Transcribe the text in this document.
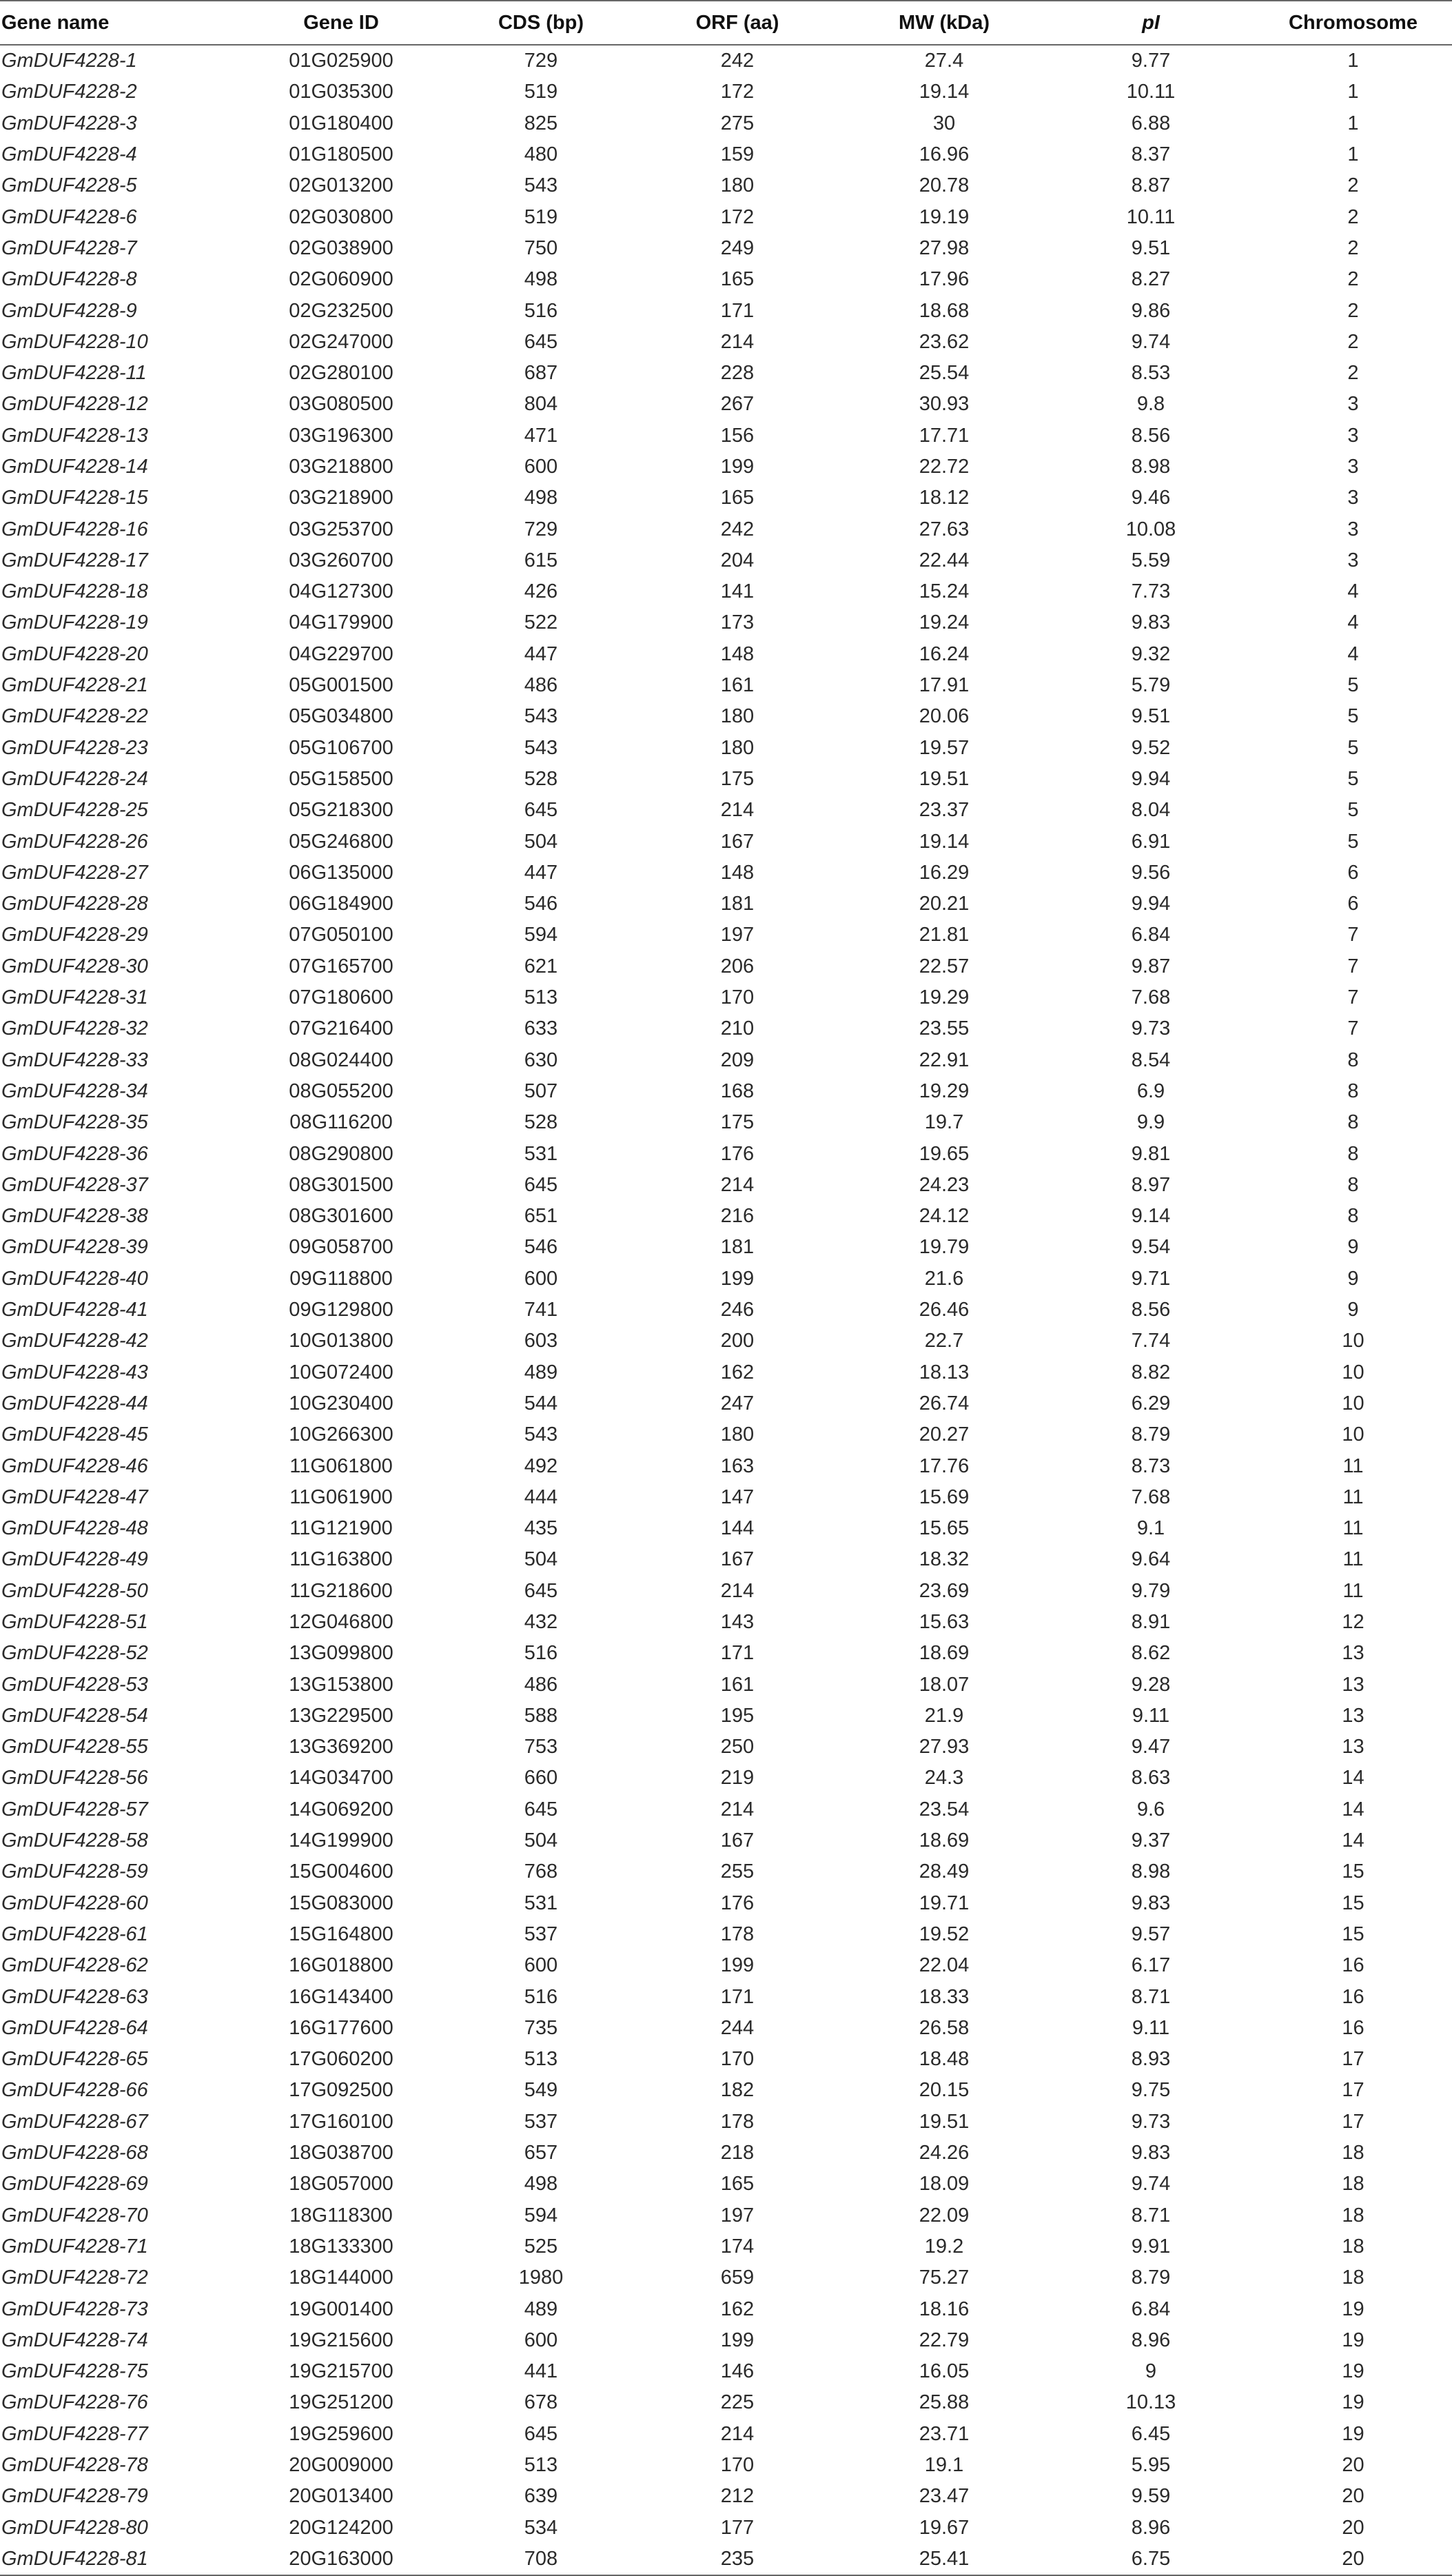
Gene name	Gene ID	CDS (bp)	ORF (aa)	MW (kDa)	pI	Chromosome
GmDUF4228-1	01G025900	729	242	27.4	9.77	1
GmDUF4228-2	01G035300	519	172	19.14	10.11	1
GmDUF4228-3	01G180400	825	275	30	6.88	1
GmDUF4228-4	01G180500	480	159	16.96	8.37	1
GmDUF4228-5	02G013200	543	180	20.78	8.87	2
GmDUF4228-6	02G030800	519	172	19.19	10.11	2
GmDUF4228-7	02G038900	750	249	27.98	9.51	2
GmDUF4228-8	02G060900	498	165	17.96	8.27	2
GmDUF4228-9	02G232500	516	171	18.68	9.86	2
GmDUF4228-10	02G247000	645	214	23.62	9.74	2
GmDUF4228-11	02G280100	687	228	25.54	8.53	2
GmDUF4228-12	03G080500	804	267	30.93	9.8	3
GmDUF4228-13	03G196300	471	156	17.71	8.56	3
GmDUF4228-14	03G218800	600	199	22.72	8.98	3
GmDUF4228-15	03G218900	498	165	18.12	9.46	3
GmDUF4228-16	03G253700	729	242	27.63	10.08	3
GmDUF4228-17	03G260700	615	204	22.44	5.59	3
GmDUF4228-18	04G127300	426	141	15.24	7.73	4
GmDUF4228-19	04G179900	522	173	19.24	9.83	4
GmDUF4228-20	04G229700	447	148	16.24	9.32	4
GmDUF4228-21	05G001500	486	161	17.91	5.79	5
GmDUF4228-22	05G034800	543	180	20.06	9.51	5
GmDUF4228-23	05G106700	543	180	19.57	9.52	5
GmDUF4228-24	05G158500	528	175	19.51	9.94	5
GmDUF4228-25	05G218300	645	214	23.37	8.04	5
GmDUF4228-26	05G246800	504	167	19.14	6.91	5
GmDUF4228-27	06G135000	447	148	16.29	9.56	6
GmDUF4228-28	06G184900	546	181	20.21	9.94	6
GmDUF4228-29	07G050100	594	197	21.81	6.84	7
GmDUF4228-30	07G165700	621	206	22.57	9.87	7
GmDUF4228-31	07G180600	513	170	19.29	7.68	7
GmDUF4228-32	07G216400	633	210	23.55	9.73	7
GmDUF4228-33	08G024400	630	209	22.91	8.54	8
GmDUF4228-34	08G055200	507	168	19.29	6.9	8
GmDUF4228-35	08G116200	528	175	19.7	9.9	8
GmDUF4228-36	08G290800	531	176	19.65	9.81	8
GmDUF4228-37	08G301500	645	214	24.23	8.97	8
GmDUF4228-38	08G301600	651	216	24.12	9.14	8
GmDUF4228-39	09G058700	546	181	19.79	9.54	9
GmDUF4228-40	09G118800	600	199	21.6	9.71	9
GmDUF4228-41	09G129800	741	246	26.46	8.56	9
GmDUF4228-42	10G013800	603	200	22.7	7.74	10
GmDUF4228-43	10G072400	489	162	18.13	8.82	10
GmDUF4228-44	10G230400	544	247	26.74	6.29	10
GmDUF4228-45	10G266300	543	180	20.27	8.79	10
GmDUF4228-46	11G061800	492	163	17.76	8.73	11
GmDUF4228-47	11G061900	444	147	15.69	7.68	11
GmDUF4228-48	11G121900	435	144	15.65	9.1	11
GmDUF4228-49	11G163800	504	167	18.32	9.64	11
GmDUF4228-50	11G218600	645	214	23.69	9.79	11
GmDUF4228-51	12G046800	432	143	15.63	8.91	12
GmDUF4228-52	13G099800	516	171	18.69	8.62	13
GmDUF4228-53	13G153800	486	161	18.07	9.28	13
GmDUF4228-54	13G229500	588	195	21.9	9.11	13
GmDUF4228-55	13G369200	753	250	27.93	9.47	13
GmDUF4228-56	14G034700	660	219	24.3	8.63	14
GmDUF4228-57	14G069200	645	214	23.54	9.6	14
GmDUF4228-58	14G199900	504	167	18.69	9.37	14
GmDUF4228-59	15G004600	768	255	28.49	8.98	15
GmDUF4228-60	15G083000	531	176	19.71	9.83	15
GmDUF4228-61	15G164800	537	178	19.52	9.57	15
GmDUF4228-62	16G018800	600	199	22.04	6.17	16
GmDUF4228-63	16G143400	516	171	18.33	8.71	16
GmDUF4228-64	16G177600	735	244	26.58	9.11	16
GmDUF4228-65	17G060200	513	170	18.48	8.93	17
GmDUF4228-66	17G092500	549	182	20.15	9.75	17
GmDUF4228-67	17G160100	537	178	19.51	9.73	17
GmDUF4228-68	18G038700	657	218	24.26	9.83	18
GmDUF4228-69	18G057000	498	165	18.09	9.74	18
GmDUF4228-70	18G118300	594	197	22.09	8.71	18
GmDUF4228-71	18G133300	525	174	19.2	9.91	18
GmDUF4228-72	18G144000	1980	659	75.27	8.79	18
GmDUF4228-73	19G001400	489	162	18.16	6.84	19
GmDUF4228-74	19G215600	600	199	22.79	8.96	19
GmDUF4228-75	19G215700	441	146	16.05	9	19
GmDUF4228-76	19G251200	678	225	25.88	10.13	19
GmDUF4228-77	19G259600	645	214	23.71	6.45	19
GmDUF4228-78	20G009000	513	170	19.1	5.95	20
GmDUF4228-79	20G013400	639	212	23.47	9.59	20
GmDUF4228-80	20G124200	534	177	19.67	8.96	20
GmDUF4228-81	20G163000	708	235	25.41	6.75	20
